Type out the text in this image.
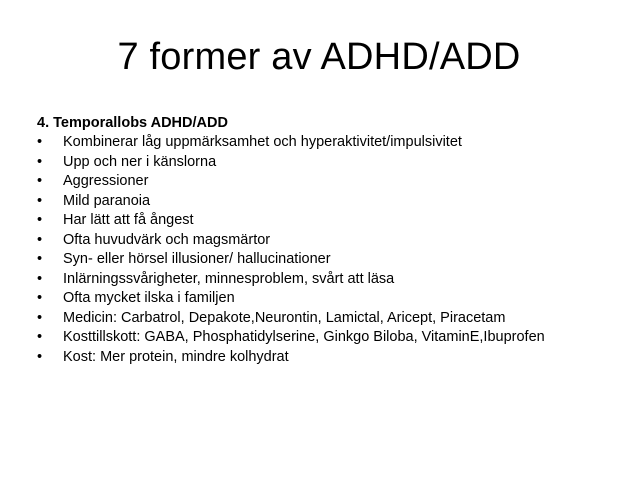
7 former av ADHD/ADD
4. Temporallobs ADHD/ADD
• Kombinerar låg uppmärksamhet och hyperaktivitet/impulsivitet
• Upp och ner i känslorna
• Aggressioner
• Mild paranoia
• Har lätt att få ångest
• Ofta huvudvärk och magsmärtor
• Syn- eller hörsel illusioner/ hallucinationer
• Inlärningssvårigheter, minnesproblem, svårt att läsa
• Ofta mycket ilska i familjen
• Medicin: Carbatrol, Depakote,Neurontin, Lamictal, Aricept, Piracetam
• Kosttillskott: GABA, Phosphatidylserine, Ginkgo Biloba, VitaminE,Ibuprofen
• Kost: Mer protein, mindre kolhydrat
